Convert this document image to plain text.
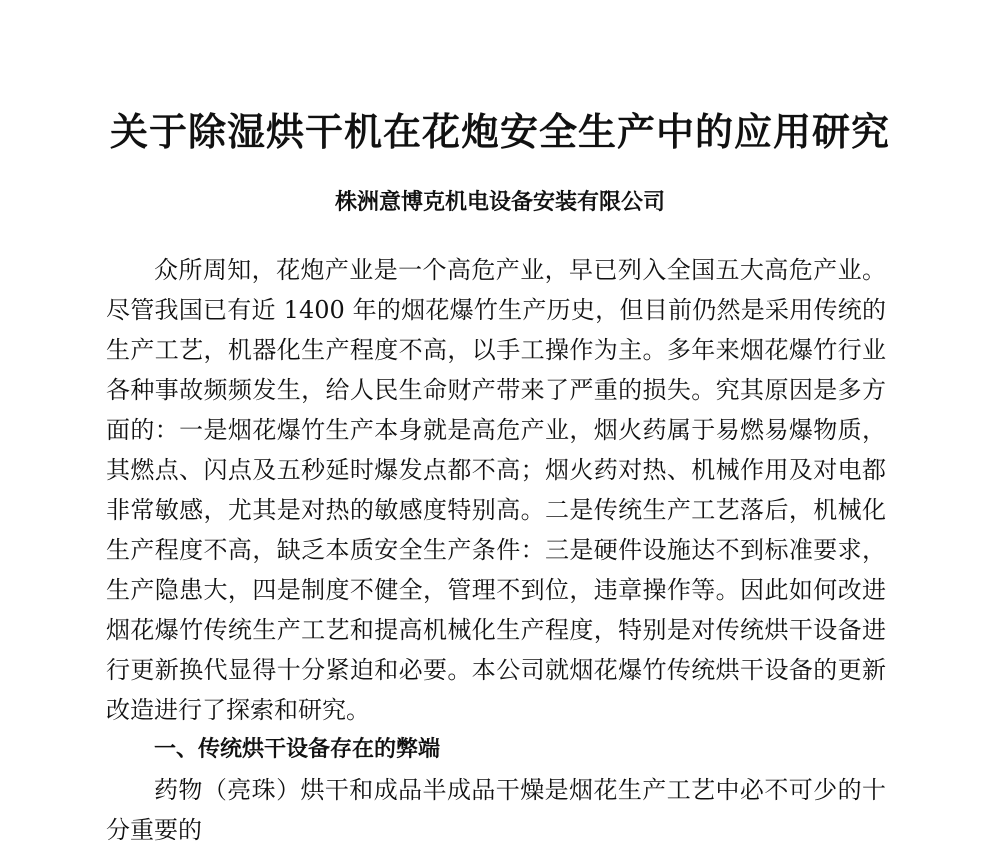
关于除湿烘干机在花炮安全生产中的应用研究
株洲意博克机电设备安装有限公司

众所周知，花炮产业是一个高危产业，早已列入全国五大高危产业。尽管我国已有近 1400 年的烟花爆竹生产历史，但目前仍然是采用传统的生产工艺，机器化生产程度不高，以手工操作为主。多年来烟花爆竹行业各种事故频频发生，给人民生命财产带来了严重的损失。究其原因是多方面的：一是烟花爆竹生产本身就是高危产业，烟火药属于易燃易爆物质，其燃点、闪点及五秒延时爆发点都不高；烟火药对热、机械作用及对电都非常敏感，尤其是对热的敏感度特别高。二是传统生产工艺落后，机械化生产程度不高，缺乏本质安全生产条件：三是硬件设施达不到标准要求，生产隐患大，四是制度不健全，管理不到位，违章操作等。因此如何改进烟花爆竹传统生产工艺和提高机械化生产程度，特别是对传统烘干设备进行更新换代显得十分紧迫和必要。本公司就烟花爆竹传统烘干设备的更新改造进行了探索和研究。

一、传统烘干设备存在的弊端

药物（亮珠）烘干和成品半成品干燥是烟花生产工艺中必不可少的十分重要的
